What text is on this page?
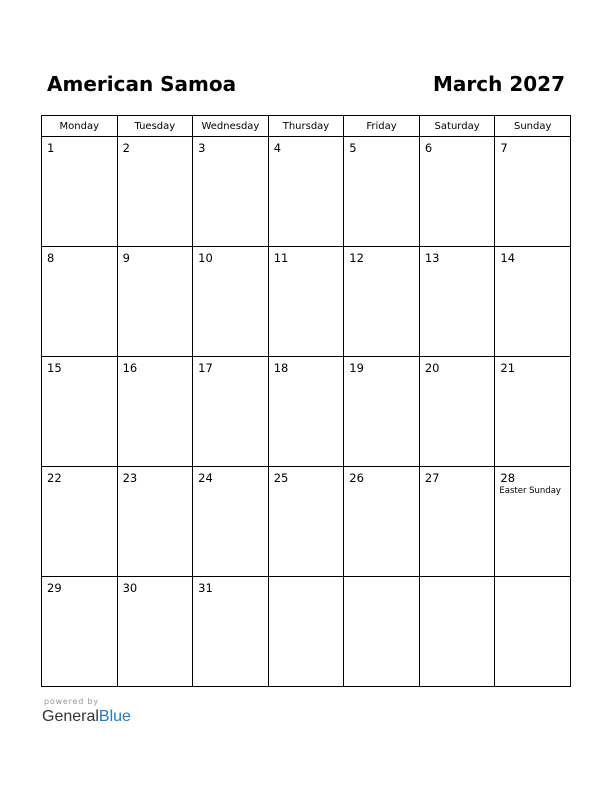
American Samoa	March 2027
Monday	Tuesday	Wednesday	Thursday	Friday	Saturday	Sunday

1	2	3	4	5	6	7

8	9	10	11	12	13	14

15	16	17	18	19	20	21

22	23	24	25	26	27	28
Easter Sunday

29	30	31				

powered by
GeneralBlue
